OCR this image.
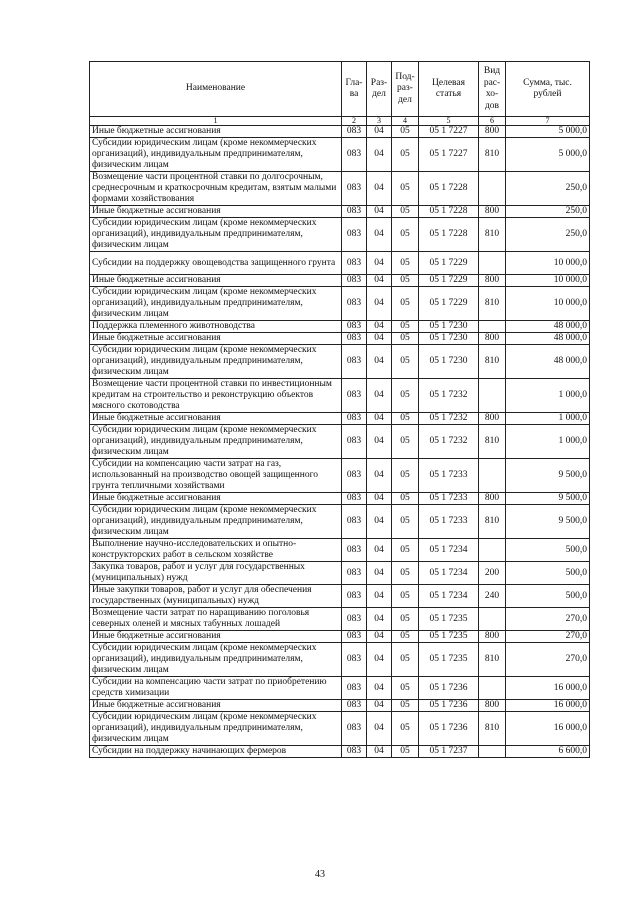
Наименование	Гла-ва	Раз-дел	Под-раз-дел	Целевая статья	Вид рас-хо-дов	Сумма, тыс. рублей
1	2	3	4	5	6	7
Иные бюджетные ассигнования	083	04	05	05 1 7227	800	5 000,0
Субсидии юридическим лицам (кроме некоммерческих организаций), индивидуальным предпринимателям, физическим лицам	083	04	05	05 1 7227	810	5 000,0
Возмещение части процентной ставки по долгосрочным, среднесрочным и краткосрочным кредитам, взятым малыми формами хозяйствования	083	04	05	05 1 7228		250,0
Иные бюджетные ассигнования	083	04	05	05 1 7228	800	250,0
Субсидии юридическим лицам (кроме некоммерческих организаций), индивидуальным предпринимателям, физическим лицам	083	04	05	05 1 7228	810	250,0
Субсидии на поддержку овощеводства защищенного грунта	083	04	05	05 1 7229		10 000,0
Иные бюджетные ассигнования	083	04	05	05 1 7229	800	10 000,0
Субсидии юридическим лицам (кроме некоммерческих организаций), индивидуальным предпринимателям, физическим лицам	083	04	05	05 1 7229	810	10 000,0
Поддержка племенного животноводства	083	04	05	05 1 7230		48 000,0
Иные бюджетные ассигнования	083	04	05	05 1 7230	800	48 000,0
Субсидии юридическим лицам (кроме некоммерческих организаций), индивидуальным предпринимателям, физическим лицам	083	04	05	05 1 7230	810	48 000,0
Возмещение части процентной ставки по инвестиционным кредитам на строительство и реконструкцию объектов мясного скотоводства	083	04	05	05 1 7232		1 000,0
Иные бюджетные ассигнования	083	04	05	05 1 7232	800	1 000,0
Субсидии юридическим лицам (кроме некоммерческих организаций), индивидуальным предпринимателям, физическим лицам	083	04	05	05 1 7232	810	1 000,0
Субсидии на компенсацию части затрат на газ, использованный на производство овощей защищенного грунта тепличными хозяйствами	083	04	05	05 1 7233		9 500,0
Иные бюджетные ассигнования	083	04	05	05 1 7233	800	9 500,0
Субсидии юридическим лицам (кроме некоммерческих организаций), индивидуальным предпринимателям, физическим лицам	083	04	05	05 1 7233	810	9 500,0
Выполнение научно-исследовательских и опытно-конструкторских работ в сельском хозяйстве	083	04	05	05 1 7234		500,0
Закупка товаров, работ и услуг для государственных (муниципальных) нужд	083	04	05	05 1 7234	200	500,0
Иные закупки товаров, работ и услуг для обеспечения государственных (муниципальных) нужд	083	04	05	05 1 7234	240	500,0
Возмещение части затрат по наращиванию поголовья северных оленей и мясных табунных лошадей	083	04	05	05 1 7235		270,0
Иные бюджетные ассигнования	083	04	05	05 1 7235	800	270,0
Субсидии юридическим лицам (кроме некоммерческих организаций), индивидуальным предпринимателям, физическим лицам	083	04	05	05 1 7235	810	270,0
Субсидии на компенсацию части затрат по приобретению средств химизации	083	04	05	05 1 7236		16 000,0
Иные бюджетные ассигнования	083	04	05	05 1 7236	800	16 000,0
Субсидии юридическим лицам (кроме некоммерческих организаций), индивидуальным предпринимателям, физическим лицам	083	04	05	05 1 7236	810	16 000,0
Субсидии на поддержку начинающих фермеров	083	04	05	05 1 7237		6 600,0
43
